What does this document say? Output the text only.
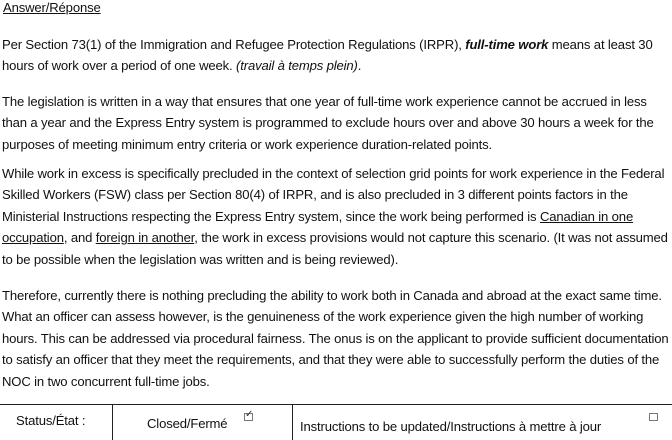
Answer/Réponse

Per Section 73(1) of the Immigration and Refugee Protection Regulations (IRPR), full-time work means at least 30 hours of work over a period of one week. (travail à temps plein).

The legislation is written in a way that ensures that one year of full-time work experience cannot be accrued in less than a year and the Express Entry system is programmed to exclude hours over and above 30 hours a week for the purposes of meeting minimum entry criteria or work experience duration-related points.

While work in excess is specifically precluded in the context of selection grid points for work experience in the Federal Skilled Workers (FSW) class per Section 80(4) of IRPR, and is also precluded in 3 different points factors in the Ministerial Instructions respecting the Express Entry system, since the work being performed is Canadian in one occupation, and foreign in another, the work in excess provisions would not capture this scenario. (It was not assumed to be possible when the legislation was written and is being reviewed).

Therefore, currently there is nothing precluding the ability to work both in Canada and abroad at the exact same time. What an officer can assess however, is the genuineness of the work experience given the high number of working hours. This can be addressed via procedural fairness. The onus is on the applicant to provide sufficient documentation to satisfy an officer that they meet the requirements, and that they were able to successfully perform the duties of the NOC in two concurrent full-time jobs.

Status/État :	Closed/Fermé
✓
Instructions to be updated/Instructions à mettre à jour
